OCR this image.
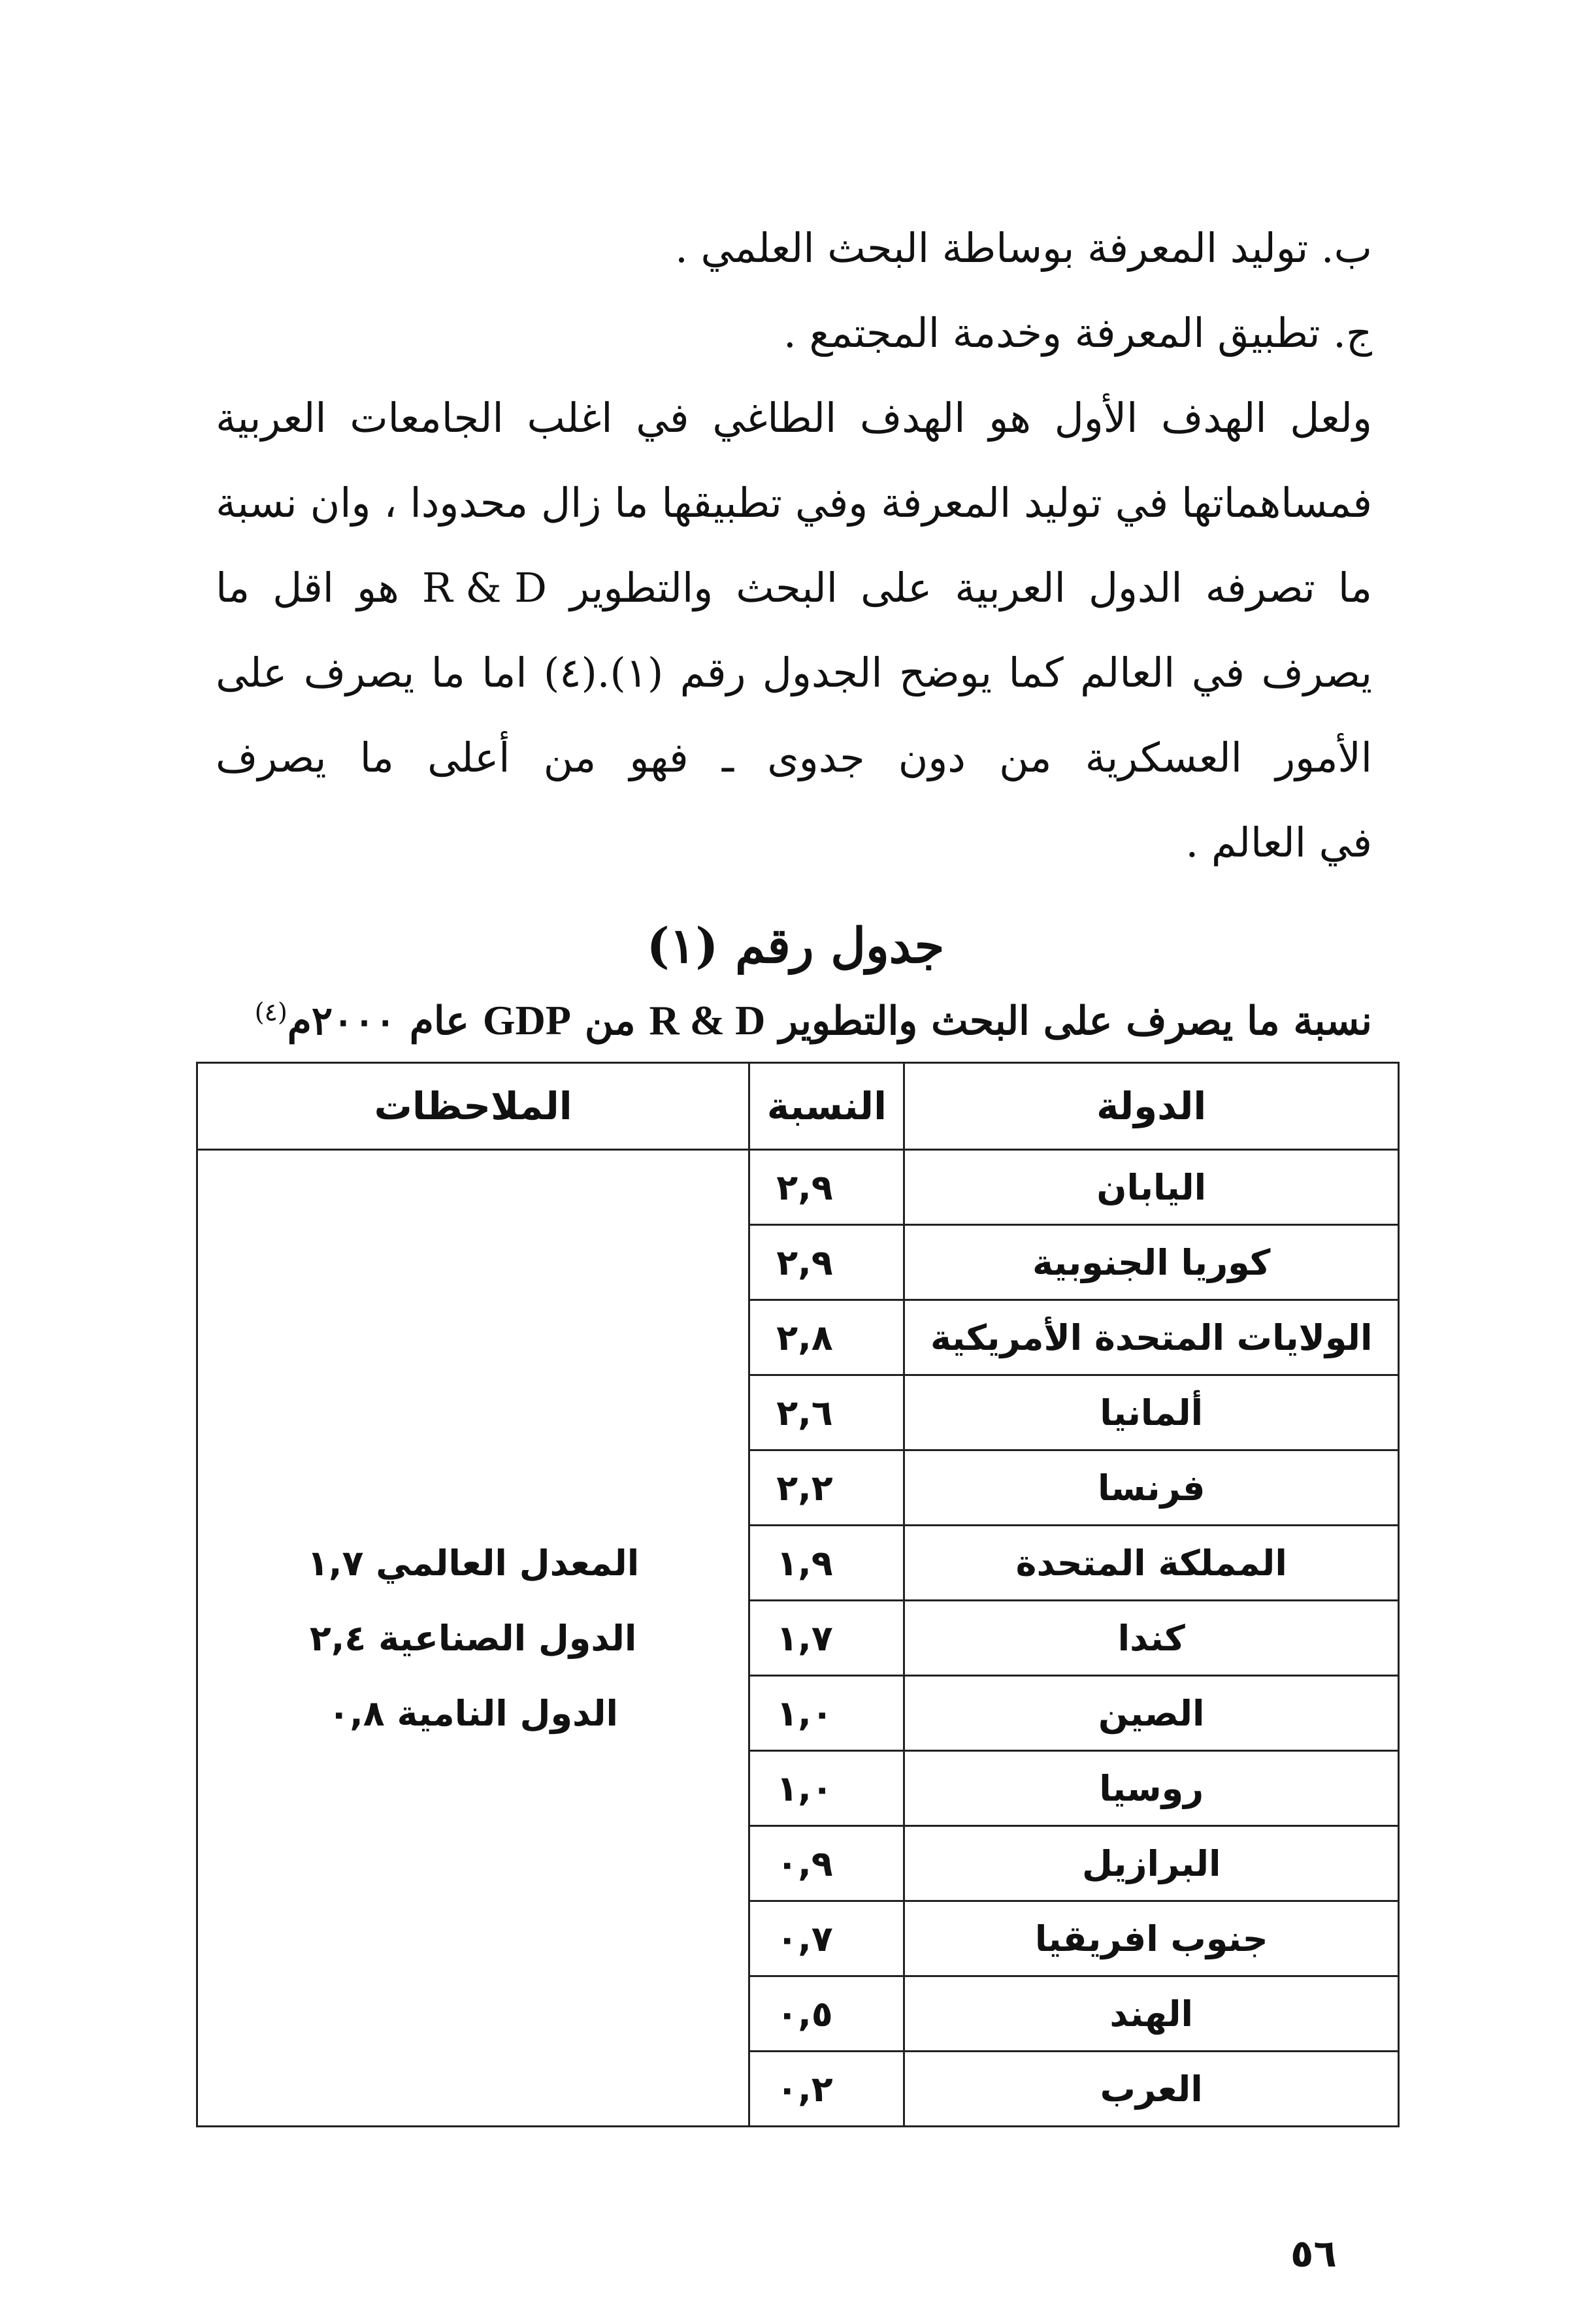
ب. توليد المعرفة بوساطة البحث العلمي .
ج. تطبيق المعرفة وخدمة المجتمع .
ولعل
الهدف
الأول
هو
الهدف
الطاغي
في
اغلب
الجامعات
العربية
فمساهماتها
في
توليد
المعرفة
وفي
تطبيقها
ما
زال
محدودا
،
وان
نسبة
ما
تصرفه
الدول
العربية
على
البحث
والتطوير
R & D
هو
اقل
ما
يصرف
في
العالم
كما
يوضح
الجدول
رقم
(١).(٤)
اما
ما
يصرف
على
الأمور
العسكرية
من
دون
جدوى
ـ
فهو
من
أعلى
ما
يصرف
في العالم .
جدول رقم (١)
نسبة ما يصرف على البحث والتطوير R & D من GDP عام ٢٠٠٠م$^{(٤)}$
الدولة	النسبة	الملاحظات
اليابان	٢,٩	المعدل العالمي ١,٧
الدول الصناعية ٢,٤
الدول النامية ٠,٨

كوريا الجنوبية	٢,٩	
الولايات المتحدة الأمريكية	٢,٨	
ألمانيا	٢,٦	
فرنسا	٢,٢	
المملكة المتحدة	١,٩	
كندا	١,٧	
الصين	١,٠	
روسيا	١,٠	
البرازيل	٠,٩	
جنوب افريقيا	٠,٧	
الهند	٠,٥	
العرب	٠,٢	
٥٦
